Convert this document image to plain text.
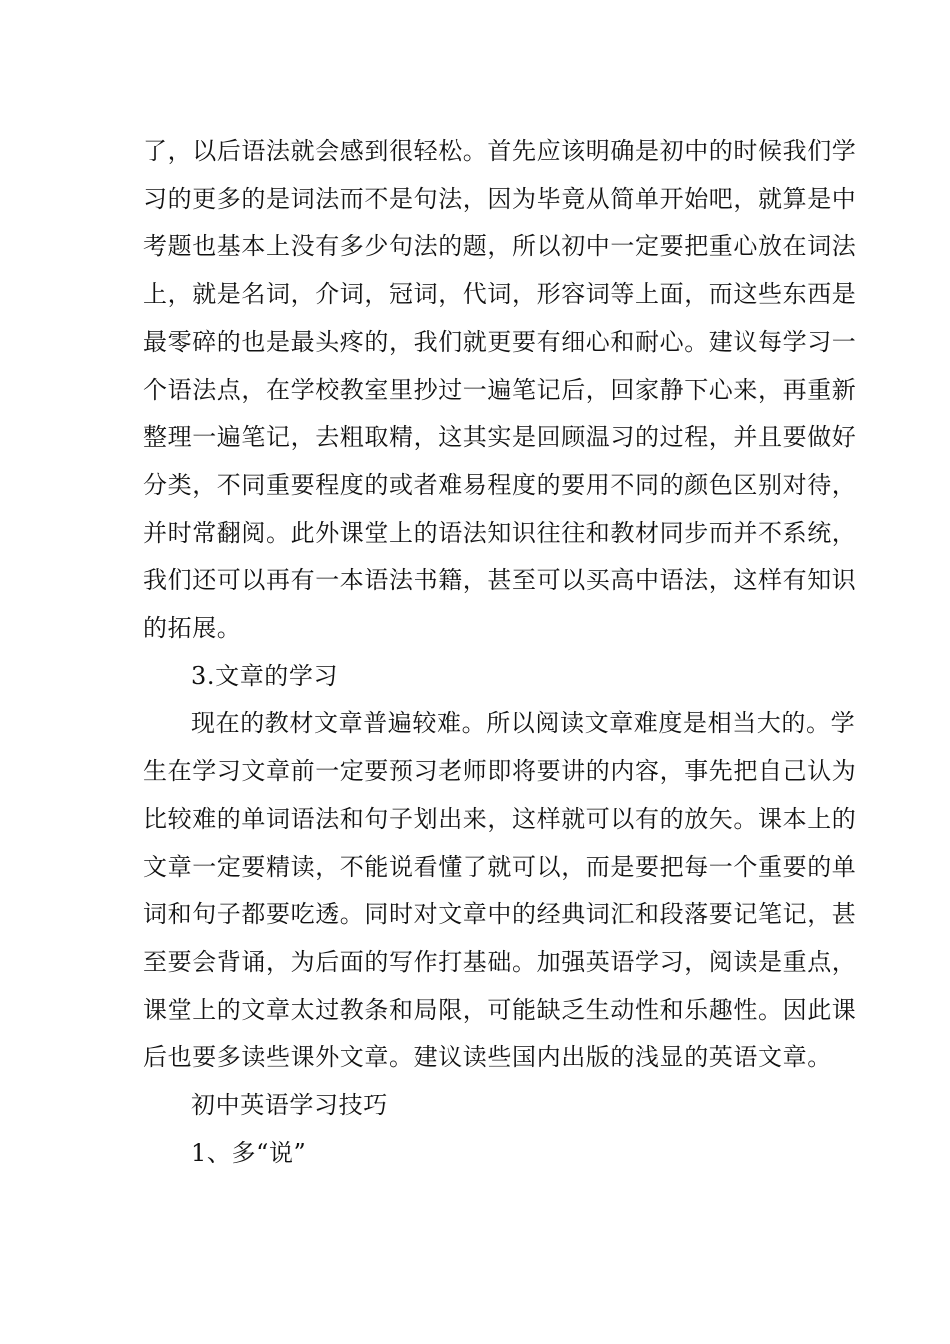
了，以后语法就会感到很轻松。首先应该明确是初中的时候我们学
习的更多的是词法而不是句法，因为毕竟从简单开始吧，就算是中
考题也基本上没有多少句法的题，所以初中一定要把重心放在词法
上，就是名词，介词，冠词，代词，形容词等上面，而这些东西是
最零碎的也是最头疼的，我们就更要有细心和耐心。建议每学习一
个语法点，在学校教室里抄过一遍笔记后，回家静下心来，再重新
整理一遍笔记，去粗取精，这其实是回顾温习的过程，并且要做好
分类，不同重要程度的或者难易程度的要用不同的颜色区别对待，
并时常翻阅。此外课堂上的语法知识往往和教材同步而并不系统，
我们还可以再有一本语法书籍，甚至可以买高中语法，这样有知识
的拓展。
3.文章的学习
现在的教材文章普遍较难。所以阅读文章难度是相当大的。学
生在学习文章前一定要预习老师即将要讲的内容，事先把自己认为
比较难的单词语法和句子划出来，这样就可以有的放矢。课本上的
文章一定要精读，不能说看懂了就可以，而是要把每一个重要的单
词和句子都要吃透。同时对文章中的经典词汇和段落要记笔记，甚
至要会背诵，为后面的写作打基础。加强英语学习，阅读是重点，
课堂上的文章太过教条和局限，可能缺乏生动性和乐趣性。因此课
后也要多读些课外文章。建议读些国内出版的浅显的英语文章。
初中英语学习技巧
1、多“说”
